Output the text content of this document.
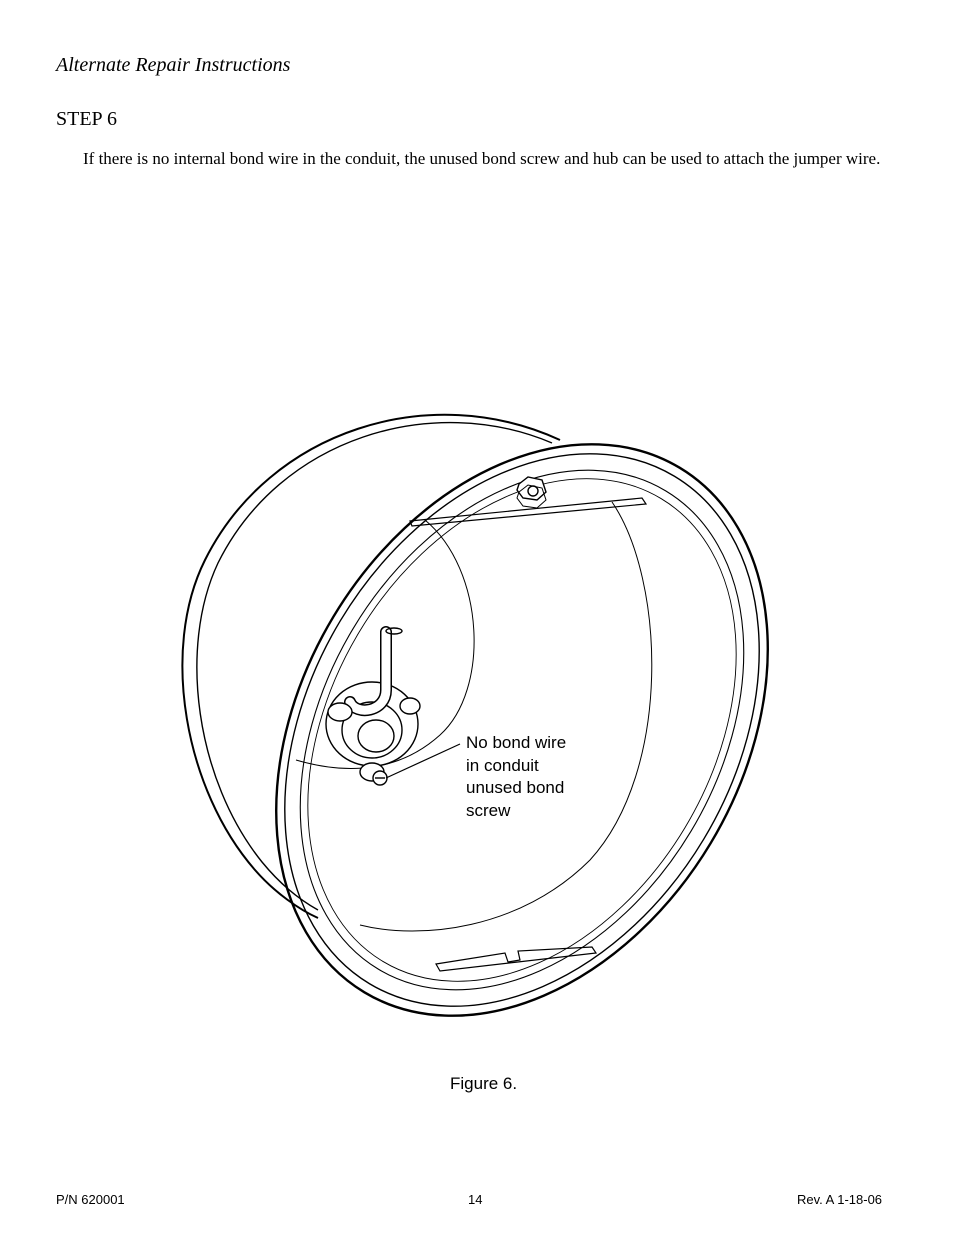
Alternate Repair Instructions
STEP 6
If there is no internal bond wire in the conduit, the unused bond screw and hub can be used to attach the jumper wire.
No bond wire
in conduit
unused bond
screw
Figure 6.
P/N 620001	14	Rev. A 1-18-06
